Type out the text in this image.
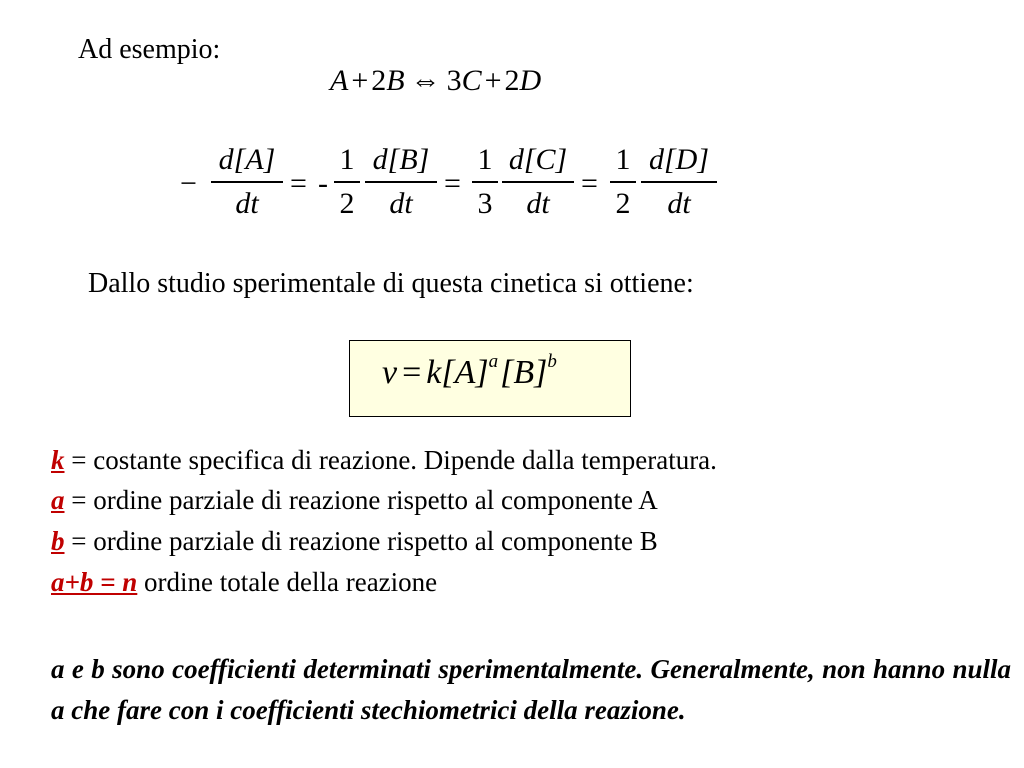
Ad esempio:
A + 2B ⇔ 3C + 2D
−
d[A]
dt
= -
1
2
d[B]
dt
=
1
3
d[C]
dt
=
1
2
d[D]
dt
Dallo studio sperimentale di questa cinetica si ottiene:
$v = k[A]^a[B]^b$
k = costante specifica di reazione. Dipende dalla temperatura.
a = ordine parziale di reazione rispetto al componente A
b = ordine parziale di reazione rispetto al componente B
a+b = n ordine totale della reazione
a e b sono coefficienti determinati sperimentalmente. Generalmente, non hanno nulla a che fare con i coefficienti stechiometrici della reazione.
